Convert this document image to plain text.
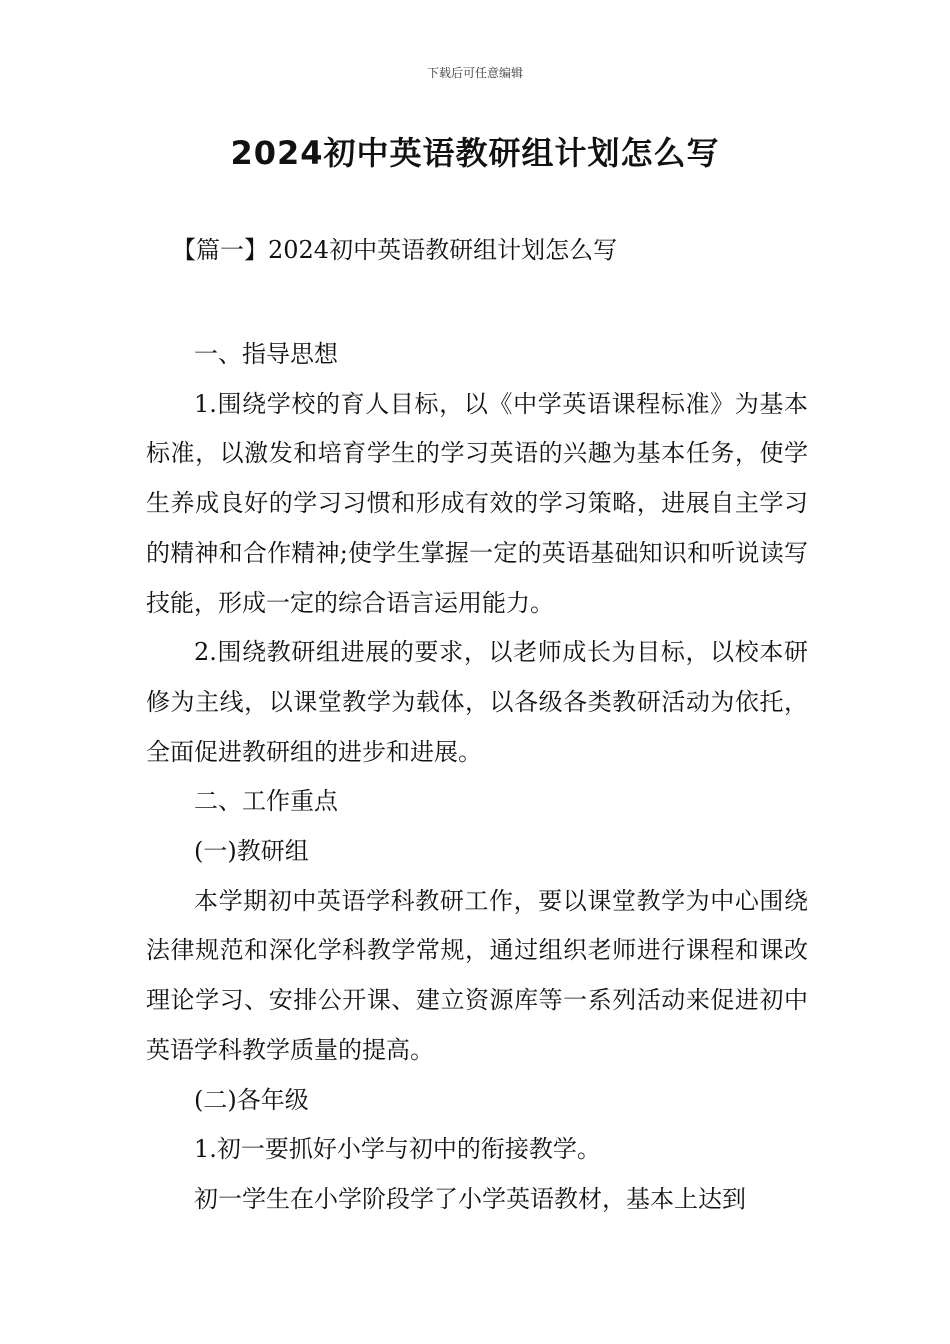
下载后可任意编辑
2024初中英语教研组计划怎么写
【篇一】2024初中英语教研组计划怎么写

一、指导思想

1.围绕学校的育人目标，以《中学英语课程标准》为基本标准，以激发和培育学生的学习英语的兴趣为基本任务，使学生养成良好的学习习惯和形成有效的学习策略，进展自主学习的精神和合作精神;使学生掌握一定的英语基础知识和听说读写技能，形成一定的综合语言运用能力。

2.围绕教研组进展的要求，以老师成长为目标，以校本研修为主线，以课堂教学为载体，以各级各类教研活动为依托，全面促进教研组的进步和进展。

二、工作重点

(一)教研组

本学期初中英语学科教研工作，要以课堂教学为中心围绕法律规范和深化学科教学常规，通过组织老师进行课程和课改理论学习、安排公开课、建立资源库等一系列活动来促进初中英语学科教学质量的提高。

(二)各年级

1.初一要抓好小学与初中的衔接教学。

初一学生在小学阶段学了小学英语教材，基本上达到
